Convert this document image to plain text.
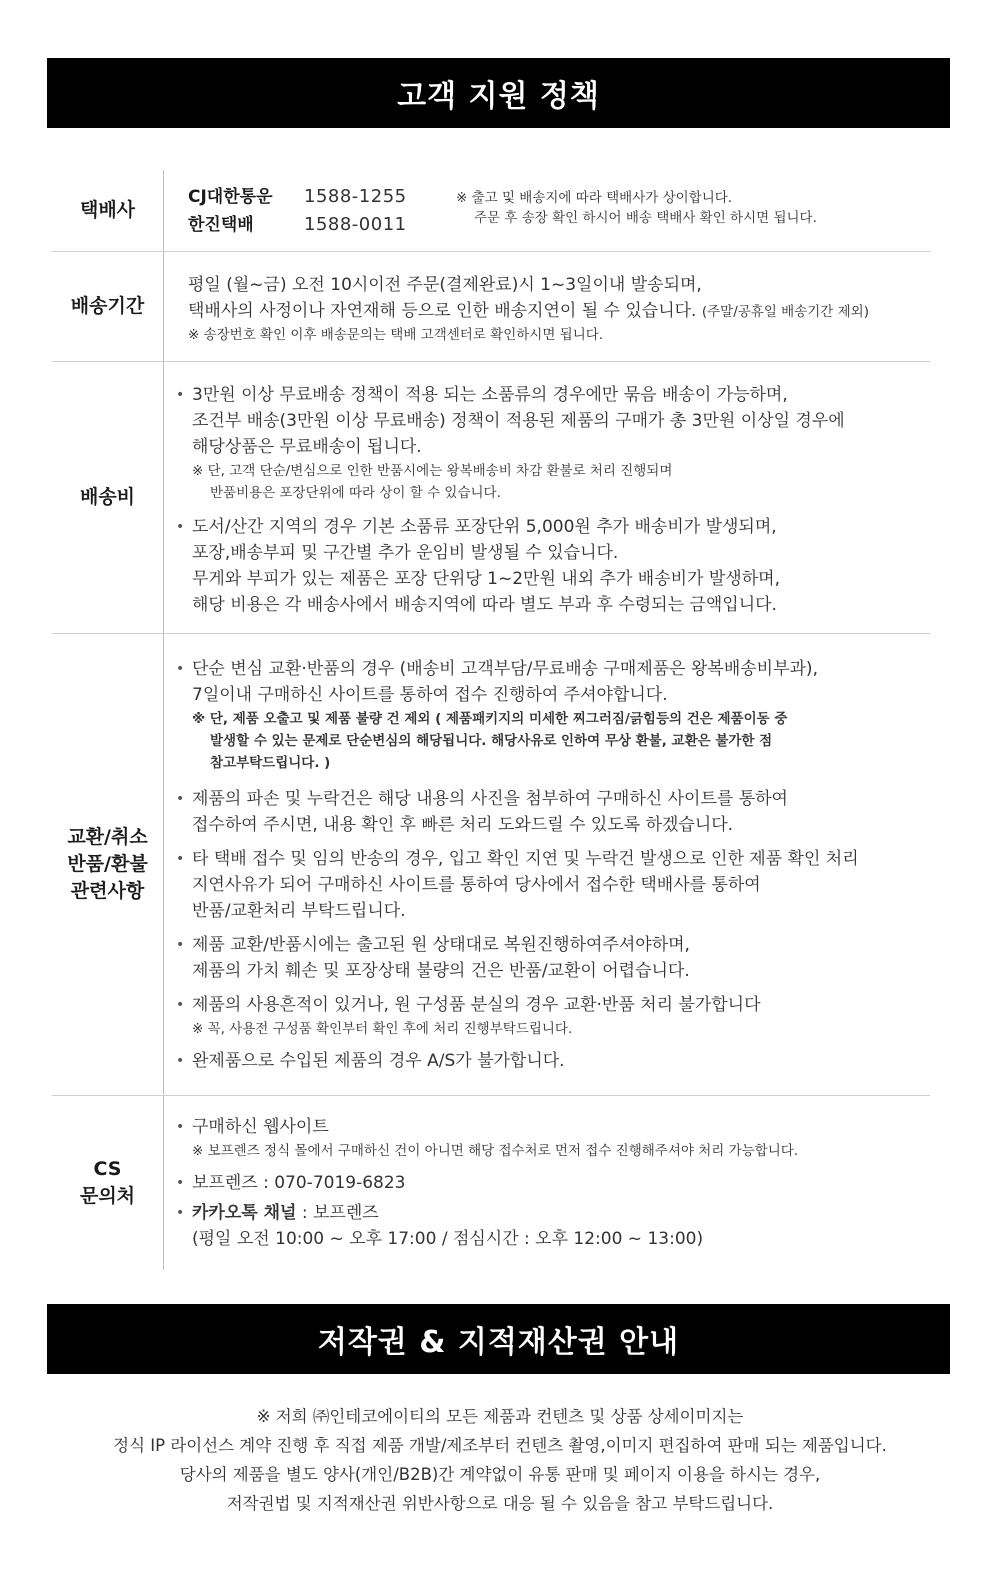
고객 지원 정책
택배사
CJ대한통운	1588-1255
한진택배	1588-0011
※ 출고 및 배송지에 따라 택배사가 상이합니다.
주문 후 송장 확인 하시어 배송 택배사 확인 하시면 됩니다.
배송기간
평일 (월~금) 오전 10시이전 주문(결제완료)시 1~3일이내 발송되며,
택배사의 사정이나 자연재해 등으로 인한 배송지연이 될 수 있습니다. (주말/공휴일 배송기간 제외)
※ 송장번호 확인 이후 배송문의는 택배 고객센터로 확인하시면 됩니다.
배송비
• 3만원 이상 무료배송 정책이 적용 되는 소품류의 경우에만 묶음 배송이 가능하며,
조건부 배송(3만원 이상 무료배송) 정책이 적용된 제품의 구매가 총 3만원 이상일 경우에
해당상품은 무료배송이 됩니다.
※ 단, 고객 단순/변심으로 인한 반품시에는 왕복배송비 차감 환불로 처리 진행되며
반품비용은 포장단위에 따라 상이 할 수 있습니다.
• 도서/산간 지역의 경우 기본 소품류 포장단위 5,000원 추가 배송비가 발생되며,
포장,배송부피 및 구간별 추가 운임비 발생될 수 있습니다.
무게와 부피가 있는 제품은 포장 단위당 1~2만원 내외 추가 배송비가 발생하며,
해당 비용은 각 배송사에서 배송지역에 따라 별도 부과 후 수령되는 금액입니다.
교환/취소
반품/환불
관련사항
• 단순 변심 교환·반품의 경우 (배송비 고객부담/무료배송 구매제품은 왕복배송비부과),
7일이내 구매하신 사이트를 통하여 접수 진행하여 주셔야합니다.
※ 단, 제품 오출고 및 제품 불량 건 제외 ( 제품패키지의 미세한 찌그러짐/긁힘등의 건은 제품이동 중
발생할 수 있는 문제로 단순변심의 해당됩니다. 해당사유로 인하여 무상 환불, 교환은 불가한 점
참고부탁드립니다. )
• 제품의 파손 및 누락건은 해당 내용의 사진을 첨부하여 구매하신 사이트를 통하여
접수하여 주시면, 내용 확인 후 빠른 처리 도와드릴 수 있도록 하겠습니다.
• 타 택배 접수 및 임의 반송의 경우, 입고 확인 지연 및 누락건 발생으로 인한 제품 확인 처리
지연사유가 되어 구매하신 사이트를 통하여 당사에서 접수한 택배사를 통하여
반품/교환처리 부탁드립니다.
• 제품 교환/반품시에는 출고된 원 상태대로 복원진행하여주셔야하며,
제품의 가치 훼손 및 포장상태 불량의 건은 반품/교환이 어렵습니다.
• 제품의 사용흔적이 있거나, 원 구성품 분실의 경우 교환·반품 처리 불가합니다
※ 꼭, 사용전 구성품 확인부터 확인 후에 처리 진행부탁드립니다.
• 완제품으로 수입된 제품의 경우 A/S가 불가합니다.
CS
문의처
• 구매하신 웹사이트
※ 보프렌즈 정식 몰에서 구매하신 건이 아니면 해당 접수처로 먼저 접수 진행해주셔야 처리 가능합니다.
• 보프렌즈 : 070-7019-6823
• 카카오톡 채널 : 보프렌즈
(평일 오전 10:00 ~ 오후 17:00 / 점심시간 : 오후 12:00 ~ 13:00)
저작권 & 지적재산권 안내
※ 저희 ㈜인테코에이티의 모든 제품과 컨텐츠 및 상품 상세이미지는
정식 IP 라이선스 계약 진행 후 직접 제품 개발/제조부터 컨텐츠 촬영,이미지 편집하여 판매 되는 제품입니다.
당사의 제품을 별도 양사(개인/B2B)간 계약없이 유통 판매 및 페이지 이용을 하시는 경우,
저작권법 및 지적재산권 위반사항으로 대응 될 수 있음을 참고 부탁드립니다.
